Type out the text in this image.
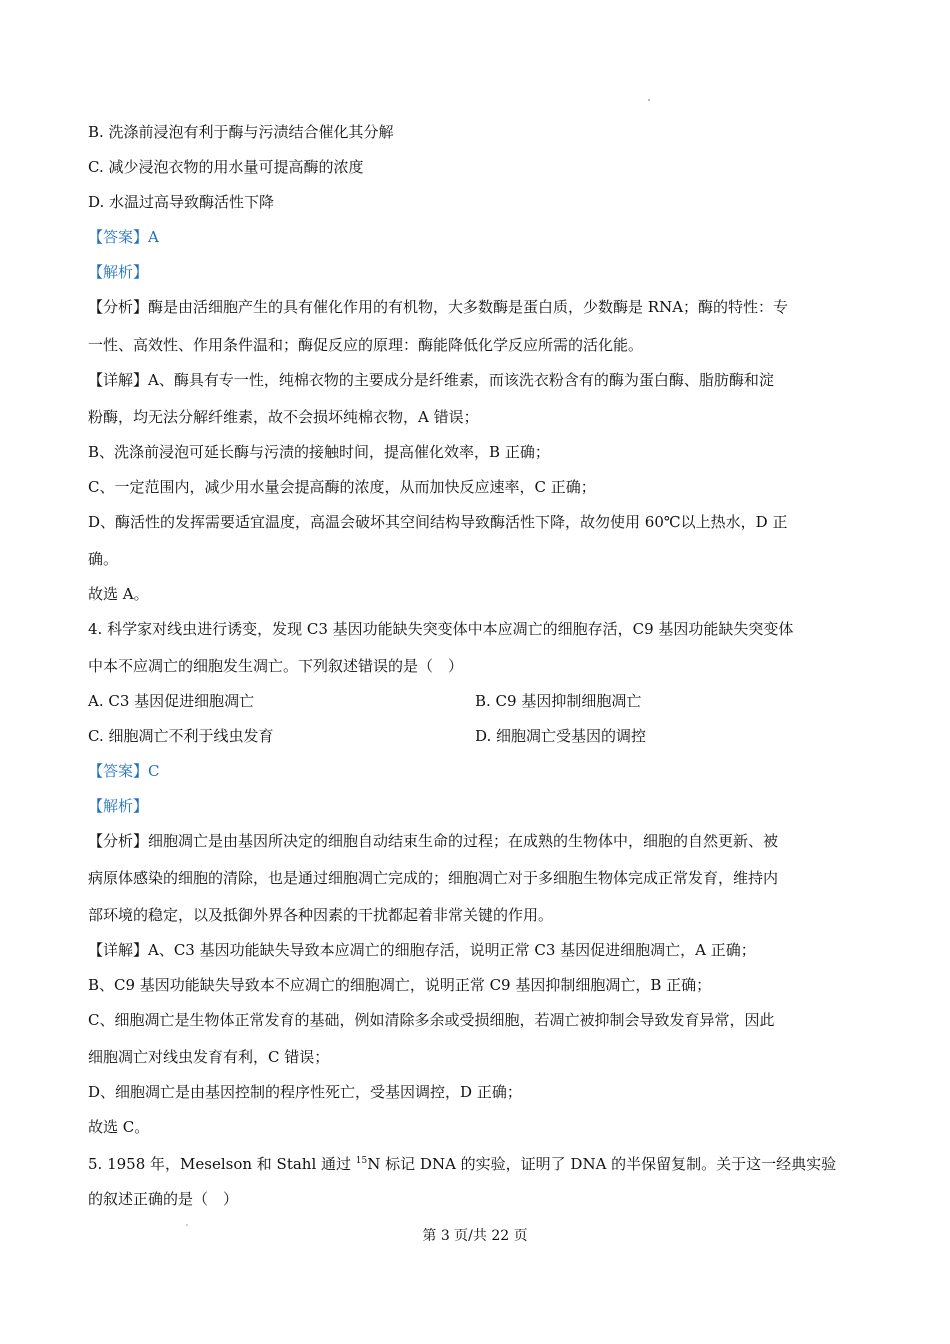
B. 洗涤前浸泡有利于酶与污渍结合催化其分解
C. 减少浸泡衣物的用水量可提高酶的浓度
D. 水温过高导致酶活性下降
【答案】A
【解析】
【分析】酶是由活细胞产生的具有催化作用的有机物，大多数酶是蛋白质，少数酶是 RNA；酶的特性：专
一性、高效性、作用条件温和；酶促反应的原理：酶能降低化学反应所需的活化能。
【详解】A、酶具有专一性，纯棉衣物的主要成分是纤维素，而该洗衣粉含有的酶为蛋白酶、脂肪酶和淀
粉酶，均无法分解纤维素，故不会损坏纯棉衣物，A 错误；
B、洗涤前浸泡可延长酶与污渍的接触时间，提高催化效率，B 正确；
C、一定范围内，减少用水量会提高酶的浓度，从而加快反应速率，C 正确；
D、酶活性的发挥需要适宜温度，高温会破坏其空间结构导致酶活性下降，故勿使用 60℃以上热水，D 正
确。
故选 A。
4. 科学家对线虫进行诱变，发现 C3 基因功能缺失突变体中本应凋亡的细胞存活，C9 基因功能缺失突变体
中本不应凋亡的细胞发生凋亡。下列叙述错误的是（　）
A. C3 基因促进细胞凋亡	B. C9 基因抑制细胞凋亡
C. 细胞凋亡不利于线虫发育	D. 细胞凋亡受基因的调控
【答案】C
【解析】
【分析】细胞凋亡是由基因所决定的细胞自动结束生命的过程；在成熟的生物体中，细胞的自然更新、被
病原体感染的细胞的清除，也是通过细胞凋亡完成的；细胞凋亡对于多细胞生物体完成正常发育，维持内
部环境的稳定，以及抵御外界各种因素的干扰都起着非常关键的作用。
【详解】A、C3 基因功能缺失导致本应凋亡的细胞存活，说明正常 C3 基因促进细胞凋亡，A 正确；
B、C9 基因功能缺失导致本不应凋亡的细胞凋亡，说明正常 C9 基因抑制细胞凋亡，B 正确；
C、细胞凋亡是生物体正常发育的基础，例如清除多余或受损细胞，若凋亡被抑制会导致发育异常，因此
细胞凋亡对线虫发育有利，C 错误；
D、细胞凋亡是由基因控制的程序性死亡，受基因调控，D 正确；
故选 C。
5. 1958 年，Meselson 和 Stahl 通过 $^{15}$N 标记 DNA 的实验，证明了 DNA 的半保留复制。关于这一经典实验
的叙述正确的是（　）
第 3 页/共 22 页
